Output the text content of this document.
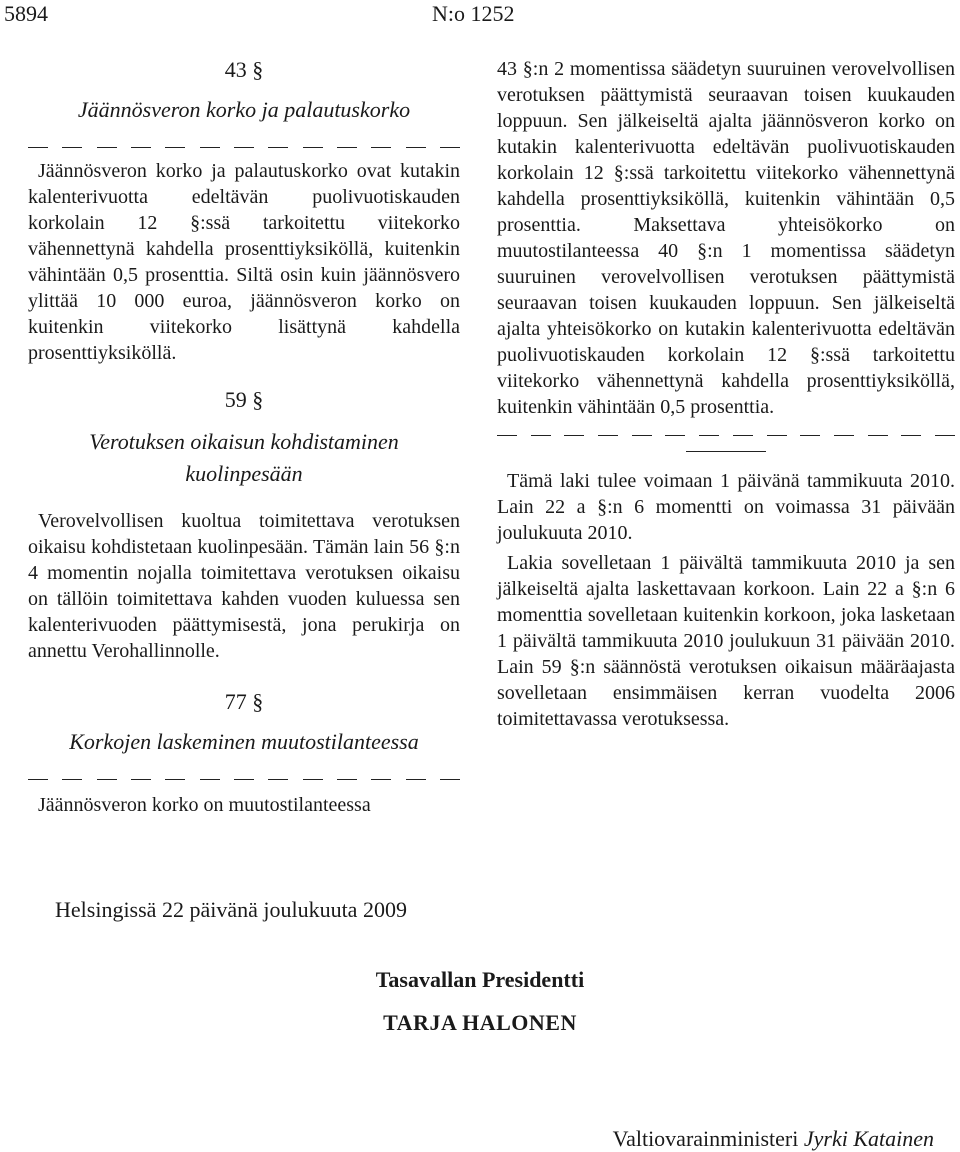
5894	N:o 1252
43 §
Jäännösveron korko ja palautuskorko

Jäännösveron korko ja palautuskorko ovat kutakin kalenterivuotta edeltävän puolivuotiskauden korkolain 12 §:ssä tarkoitettu viitekorko vähennettynä kahdella prosenttiyksiköllä, kuitenkin vähintään 0,5 prosenttia. Siltä osin kuin jäännösvero ylittää 10 000 euroa, jäännösveron korko on kuitenkin viitekorko lisättynä kahdella prosenttiyksiköllä.

59 §
Verotuksen oikaisun kohdistaminen kuolinpesään

Verovelvollisen kuoltua toimitettava verotuksen oikaisu kohdistetaan kuolinpesään. Tämän lain 56 §:n 4 momentin nojalla toimitettava verotuksen oikaisu on tällöin toimitettava kahden vuoden kuluessa sen kalenterivuoden päättymisestä, jona perukirja on annettu Verohallinnolle.

77 §
Korkojen laskeminen muutostilanteessa

Jäännösveron korko on muutostilanteessa

43 §:n 2 momentissa säädetyn suuruinen verovelvollisen verotuksen päättymistä seuraavan toisen kuukauden loppuun. Sen jälkeiseltä ajalta jäännösveron korko on kutakin kalenterivuotta edeltävän puolivuotiskauden korkolain 12 §:ssä tarkoitettu viitekorko vähennettynä kahdella prosenttiyksiköllä, kuitenkin vähintään 0,5 prosenttia. Maksettava yhteisökorko on muutostilanteessa 40 §:n 1 momentissa säädetyn suuruinen verovelvollisen verotuksen päättymistä seuraavan toisen kuukauden loppuun. Sen jälkeiseltä ajalta yhteisökorko on kutakin kalenterivuotta edeltävän puolivuotiskauden korkolain 12 §:ssä tarkoitettu viitekorko vähennettynä kahdella prosenttiyksiköllä, kuitenkin vähintään 0,5 prosenttia.

Tämä laki tulee voimaan 1 päivänä tammikuuta 2010. Lain 22 a §:n 6 momentti on voimassa 31 päivään joulukuuta 2010.

Lakia sovelletaan 1 päivältä tammikuuta 2010 ja sen jälkeiseltä ajalta laskettavaan korkoon. Lain 22 a §:n 6 momenttia sovelletaan kuitenkin korkoon, joka lasketaan 1 päivältä tammikuuta 2010 joulukuun 31 päivään 2010. Lain 59 §:n säännöstä verotuksen oikaisun määräajasta sovelletaan ensimmäisen kerran vuodelta 2006 toimitettavassa verotuksessa.

Helsingissä 22 päivänä joulukuuta 2009
Tasavallan Presidentti
TARJA HALONEN
Valtiovarainministeri Jyrki Katainen
